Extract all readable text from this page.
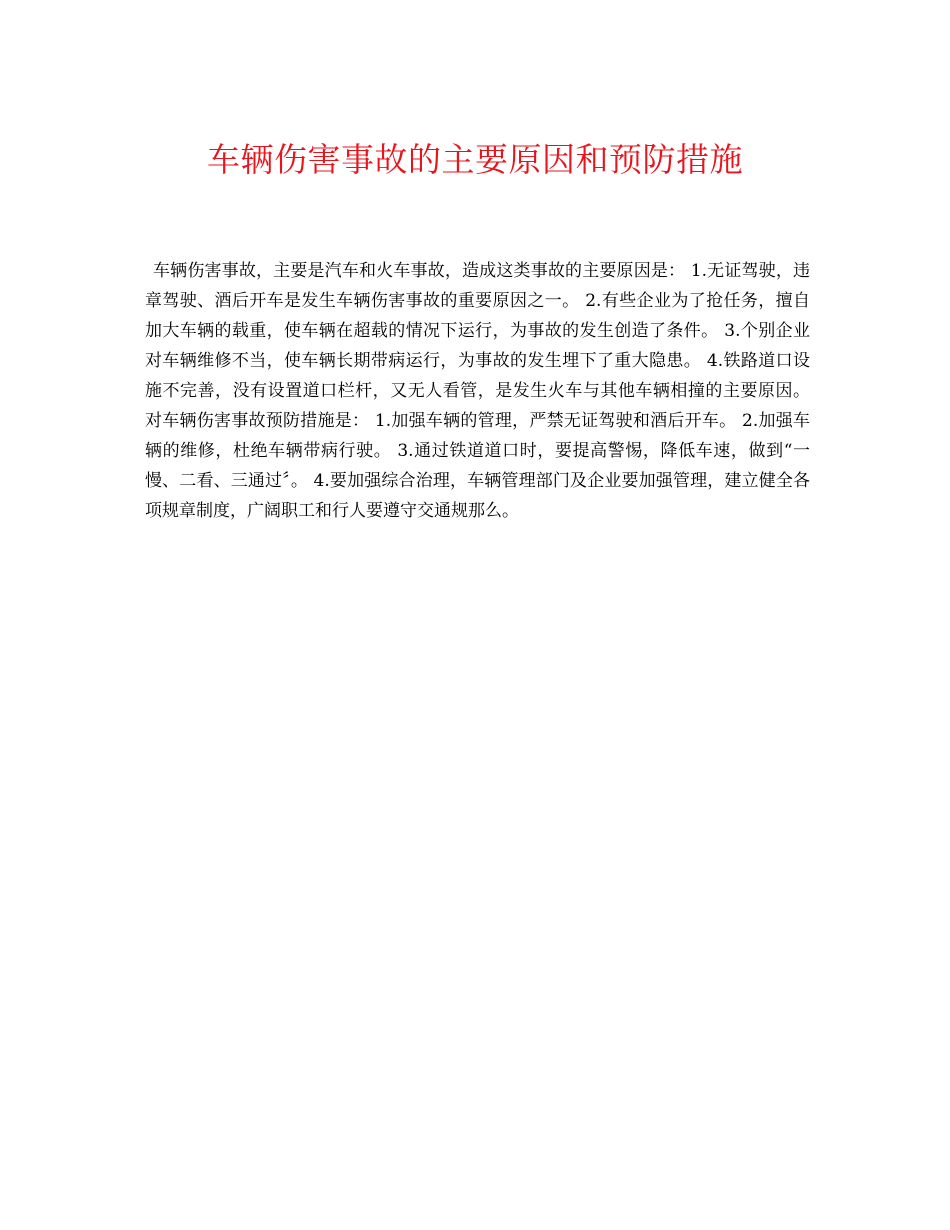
车辆伤害事故的主要原因和预防措施

车辆伤害事故，主要是汽车和火车事故，造成这类事故的主要原因是： 1.无证驾驶，违章驾驶、酒后开车是发生车辆伤害事故的重要原因之一。 2.有些企业为了抢任务，擅自加大车辆的载重，使车辆在超载的情况下运行，为事故的发生创造了条件。 3.个别企业对车辆维修不当，使车辆长期带病运行，为事故的发生埋下了重大隐患。 4.铁路道口设施不完善，没有设置道口栏杆，又无人看管，是发生火车与其他车辆相撞的主要原因。 对车辆伤害事故预防措施是： 1.加强车辆的管理，严禁无证驾驶和酒后开车。 2.加强车辆的维修，杜绝车辆带病行驶。 3.通过铁道道口时，要提高警惕，降低车速，做到“一慢、二看、三通过〞。 4.要加强综合治理，车辆管理部门及企业要加强管理，建立健全各项规章制度，广阔职工和行人要遵守交通规那么。
